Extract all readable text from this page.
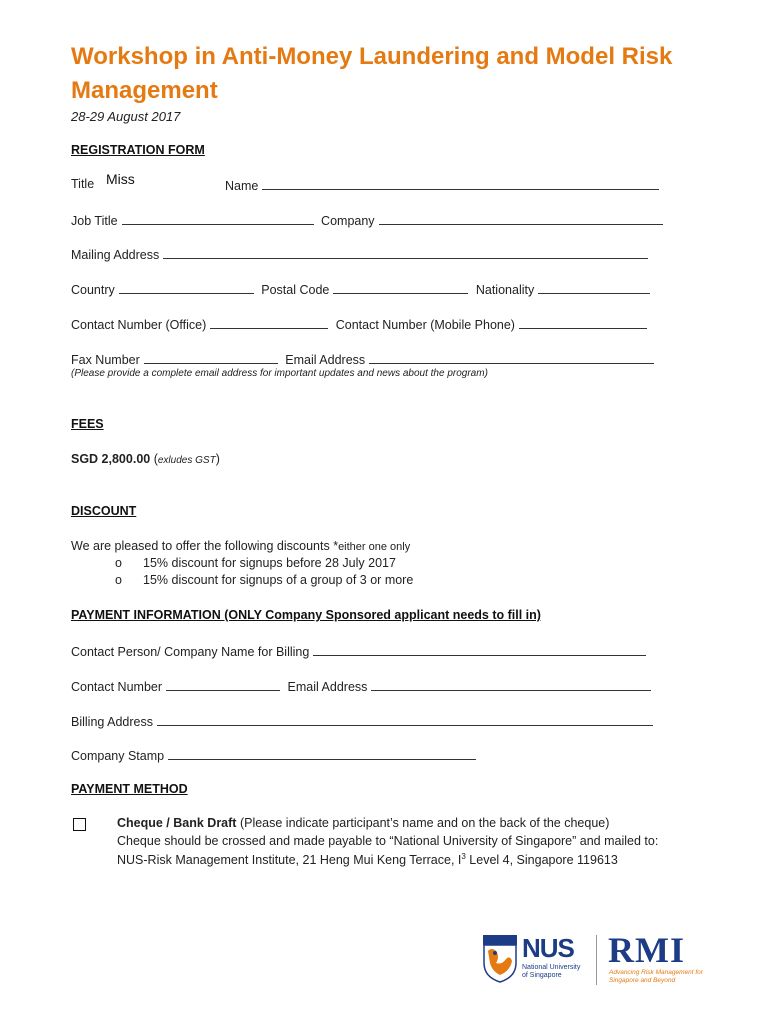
Workshop in Anti-Money Laundering and Model Risk Management
28-29 August 2017
REGISTRATION FORM
Title Miss	Name
Job Title	Company
Mailing Address
Country	Postal Code	Nationality
Contact Number (Office)	Contact Number (Mobile Phone)
Fax Number	Email Address
(Please provide a complete email address for important updates and news about the program)
FEES
SGD 2,800.00 (exludes GST)
DISCOUNT
We are pleased to offer the following discounts *either one only
o 15% discount for signups before 28 July 2017
o 15% discount for signups of a group of 3 or more
PAYMENT INFORMATION (ONLY Company Sponsored applicant needs to fill in)
Contact Person/ Company Name for Billing
Contact Number	Email Address
Billing Address
Company Stamp
PAYMENT METHOD
Cheque / Bank Draft (Please indicate participant’s name and on the back of the cheque)
Cheque should be crossed and made payable to “National University of Singapore” and mailed to:
NUS-Risk Management Institute, 21 Heng Mui Keng Terrace, $I^3$ Level 4, Singapore 119613
NUS
National University of Singapore
RMI
Advancing Risk Management for Singapore and Beyond
